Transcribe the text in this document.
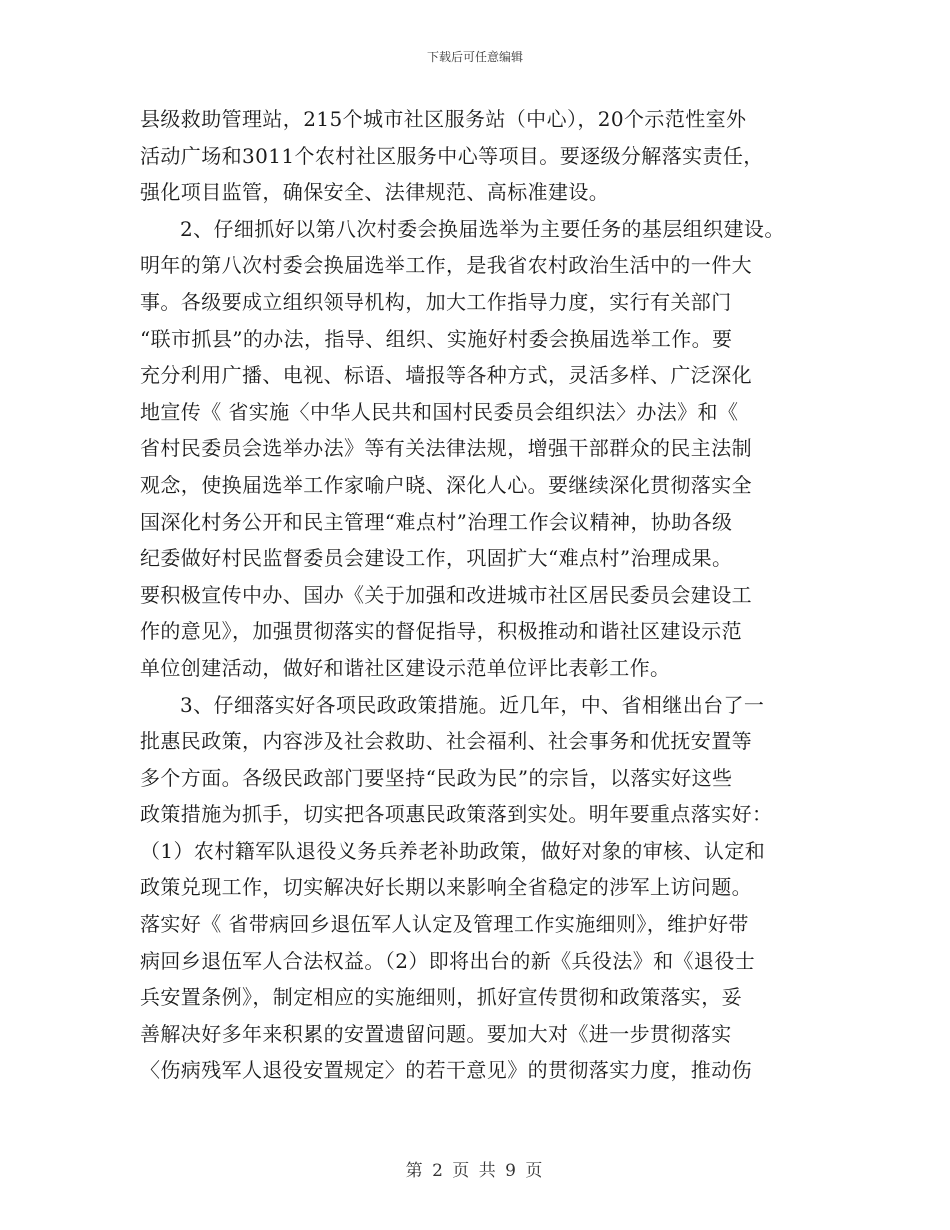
下载后可任意编辑
县级救助管理站，215个城市社区服务站（中心），20个示范性室外
活动广场和3011个农村社区服务中心等项目。要逐级分解落实责任，
强化项目监管，确保安全、法律规范、高标准建设。
2、仔细抓好以第八次村委会换届选举为主要任务的基层组织建设。
明年的第八次村委会换届选举工作，是我省农村政治生活中的一件大
事。各级要成立组织领导机构，加大工作指导力度，实行有关部门
“联市抓县”的办法，指导、组织、实施好村委会换届选举工作。要
充分利用广播、电视、标语、墙报等各种方式，灵活多样、广泛深化
地宣传《 省实施〈中华人民共和国村民委员会组织法〉办法》和《
省村民委员会选举办法》等有关法律法规，增强干部群众的民主法制
观念，使换届选举工作家喻户晓、深化人心。要继续深化贯彻落实全
国深化村务公开和民主管理“难点村”治理工作会议精神，协助各级
纪委做好村民监督委员会建设工作，巩固扩大“难点村”治理成果。
要积极宣传中办、国办《关于加强和改进城市社区居民委员会建设工
作的意见》，加强贯彻落实的督促指导，积极推动和谐社区建设示范
单位创建活动，做好和谐社区建设示范单位评比表彰工作。
3、仔细落实好各项民政政策措施。近几年，中、省相继出台了一
批惠民政策，内容涉及社会救助、社会福利、社会事务和优抚安置等
多个方面。各级民政部门要坚持“民政为民”的宗旨，以落实好这些
政策措施为抓手，切实把各项惠民政策落到实处。明年要重点落实好：
（1）农村籍军队退役义务兵养老补助政策，做好对象的审核、认定和
政策兑现工作，切实解决好长期以来影响全省稳定的涉军上访问题。
落实好《 省带病回乡退伍军人认定及管理工作实施细则》，维护好带
病回乡退伍军人合法权益。（2）即将出台的新《兵役法》和《退役士
兵安置条例》，制定相应的实施细则，抓好宣传贯彻和政策落实，妥
善解决好多年来积累的安置遗留问题。要加大对《进一步贯彻落实
〈伤病残军人退役安置规定〉的若干意见》的贯彻落实力度，推动伤
第 2 页 共 9 页
